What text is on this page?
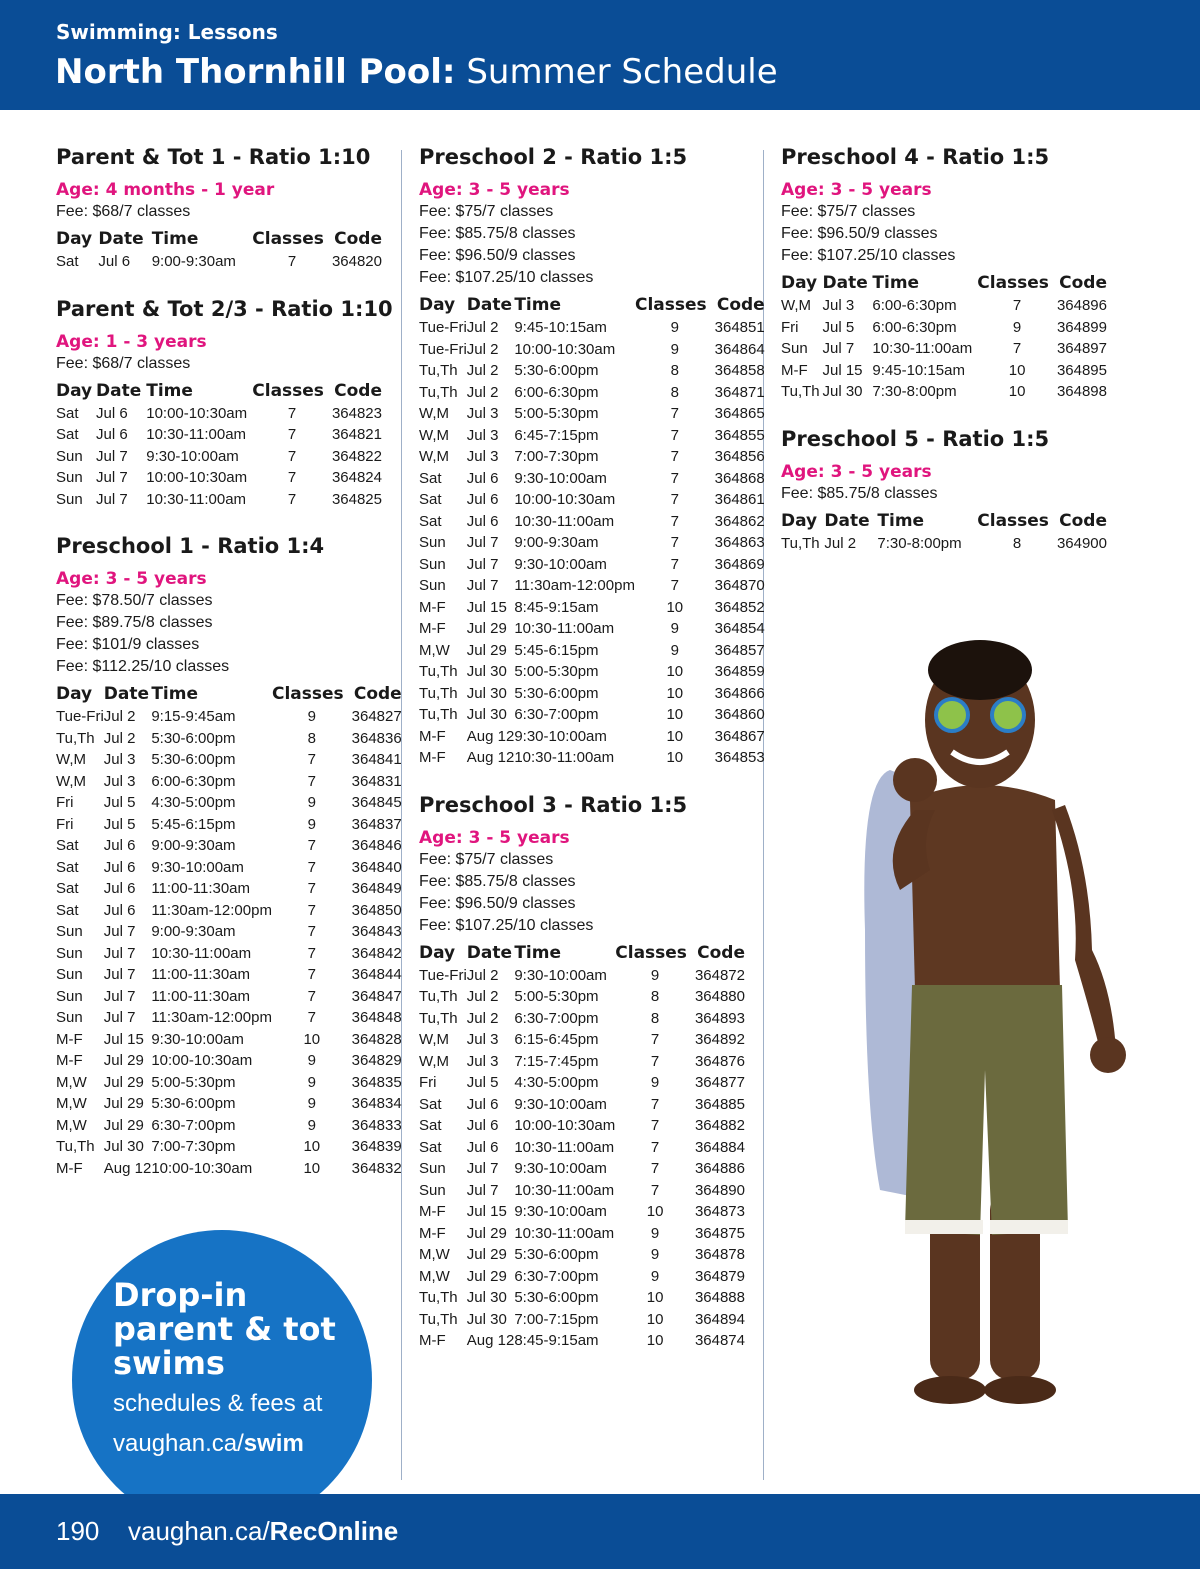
Swimming: Lessons
North Thornhill Pool: Summer Schedule
Parent & Tot 1 - Ratio 1:10
Age: 4 months - 1 year
Fee: $68/7 classes
Day	Date	Time	Classes	Code
Sat	Jul 6	9:00-9:30am	7	364820
Parent & Tot 2/3 - Ratio 1:10
Age: 1 - 3 years
Fee: $68/7 classes
Day	Date	Time	Classes	Code
Sat	Jul 6	10:00-10:30am	7	364823
Sat	Jul 6	10:30-11:00am	7	364821
Sun	Jul 7	9:30-10:00am	7	364822
Sun	Jul 7	10:00-10:30am	7	364824
Sun	Jul 7	10:30-11:00am	7	364825
Preschool 1 - Ratio 1:4
Age: 3 - 5 years
Fee: $78.50/7 classes
Fee: $89.75/8 classes
Fee: $101/9 classes
Fee: $112.25/10 classes
Day	Date	Time	Classes	Code
Tue-Fri	Jul 2	9:15-9:45am	9	364827
Tu,Th	Jul 2	5:30-6:00pm	8	364836
W,M	Jul 3	5:30-6:00pm	7	364841
W,M	Jul 3	6:00-6:30pm	7	364831
Fri	Jul 5	4:30-5:00pm	9	364845
Fri	Jul 5	5:45-6:15pm	9	364837
Sat	Jul 6	9:00-9:30am	7	364846
Sat	Jul 6	9:30-10:00am	7	364840
Sat	Jul 6	11:00-11:30am	7	364849
Sat	Jul 6	11:30am-12:00pm	7	364850
Sun	Jul 7	9:00-9:30am	7	364843
Sun	Jul 7	10:30-11:00am	7	364842
Sun	Jul 7	11:00-11:30am	7	364844
Sun	Jul 7	11:00-11:30am	7	364847
Sun	Jul 7	11:30am-12:00pm	7	364848
M-F	Jul 15	9:30-10:00am	10	364828
M-F	Jul 29	10:00-10:30am	9	364829
M,W	Jul 29	5:00-5:30pm	9	364835
M,W	Jul 29	5:30-6:00pm	9	364834
M,W	Jul 29	6:30-7:00pm	9	364833
Tu,Th	Jul 30	7:00-7:30pm	10	364839
M-F	Aug 12	10:00-10:30am	10	364832
Preschool 2 - Ratio 1:5
Age: 3 - 5 years
Fee: $75/7 classes
Fee: $85.75/8 classes
Fee: $96.50/9 classes
Fee: $107.25/10 classes
Day	Date	Time	Classes	Code
Tue-Fri	Jul 2	9:45-10:15am	9	364851
Tue-Fri	Jul 2	10:00-10:30am	9	364864
Tu,Th	Jul 2	5:30-6:00pm	8	364858
Tu,Th	Jul 2	6:00-6:30pm	8	364871
W,M	Jul 3	5:00-5:30pm	7	364865
W,M	Jul 3	6:45-7:15pm	7	364855
W,M	Jul 3	7:00-7:30pm	7	364856
Sat	Jul 6	9:30-10:00am	7	364868
Sat	Jul 6	10:00-10:30am	7	364861
Sat	Jul 6	10:30-11:00am	7	364862
Sun	Jul 7	9:00-9:30am	7	364863
Sun	Jul 7	9:30-10:00am	7	364869
Sun	Jul 7	11:30am-12:00pm	7	364870
M-F	Jul 15	8:45-9:15am	10	364852
M-F	Jul 29	10:30-11:00am	9	364854
M,W	Jul 29	5:45-6:15pm	9	364857
Tu,Th	Jul 30	5:00-5:30pm	10	364859
Tu,Th	Jul 30	5:30-6:00pm	10	364866
Tu,Th	Jul 30	6:30-7:00pm	10	364860
M-F	Aug 12	9:30-10:00am	10	364867
M-F	Aug 12	10:30-11:00am	10	364853
Preschool 3 - Ratio 1:5
Age: 3 - 5 years
Fee: $75/7 classes
Fee: $85.75/8 classes
Fee: $96.50/9 classes
Fee: $107.25/10 classes
Day	Date	Time	Classes	Code
Tue-Fri	Jul 2	9:30-10:00am	9	364872
Tu,Th	Jul 2	5:00-5:30pm	8	364880
Tu,Th	Jul 2	6:30-7:00pm	8	364893
W,M	Jul 3	6:15-6:45pm	7	364892
W,M	Jul 3	7:15-7:45pm	7	364876
Fri	Jul 5	4:30-5:00pm	9	364877
Sat	Jul 6	9:30-10:00am	7	364885
Sat	Jul 6	10:00-10:30am	7	364882
Sat	Jul 6	10:30-11:00am	7	364884
Sun	Jul 7	9:30-10:00am	7	364886
Sun	Jul 7	10:30-11:00am	7	364890
M-F	Jul 15	9:30-10:00am	10	364873
M-F	Jul 29	10:30-11:00am	9	364875
M,W	Jul 29	5:30-6:00pm	9	364878
M,W	Jul 29	6:30-7:00pm	9	364879
Tu,Th	Jul 30	5:30-6:00pm	10	364888
Tu,Th	Jul 30	7:00-7:15pm	10	364894
M-F	Aug 12	8:45-9:15am	10	364874
Preschool 4 - Ratio 1:5
Age: 3 - 5 years
Fee: $75/7 classes
Fee: $96.50/9 classes
Fee: $107.25/10 classes
Day	Date	Time	Classes	Code
W,M	Jul 3	6:00-6:30pm	7	364896
Fri	Jul 5	6:00-6:30pm	9	364899
Sun	Jul 7	10:30-11:00am	7	364897
M-F	Jul 15	9:45-10:15am	10	364895
Tu,Th	Jul 30	7:30-8:00pm	10	364898
Preschool 5 - Ratio 1:5
Age: 3 - 5 years
Fee: $85.75/8 classes
Day	Date	Time	Classes	Code
Tu,Th	Jul 2	7:30-8:00pm	8	364900
Drop-in
parent & tot
swims
schedules & fees at
vaughan.ca/swim
190 vaughan.ca/RecOnline
